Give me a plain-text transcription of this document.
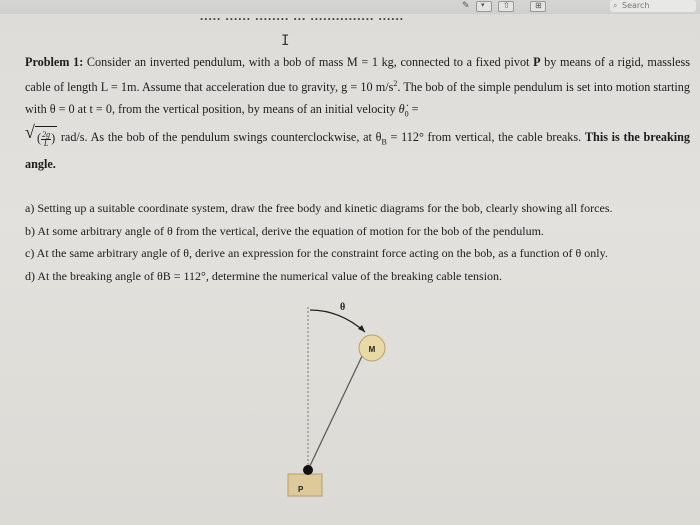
✎ ▾ ⇧	⊞	⌕ Search
..... ...... ........ ... ............... ......
I
Problem 1: Consider an inverted pendulum, with a bob of mass M = 1 kg, connected to a fixed pivot P by means of a rigid, massless cable of length L = 1m. Assume that acceleration due to gravity, g = 10 $m/s^2$. The bob of the simple pendulum is set into motion starting with θ = 0 at t = 0, from the vertical position, by means of an initial velocity $\thetȧ_0$ =

√ ( $\frac{2g}{L}$ ) rad/s. As the bob of the pendulum swings counterclockwise, at $\theta_B = 112^\circ$ from vertical, the cable breaks. This is the breaking angle.
a) Setting up a suitable coordinate system, draw the free body and kinetic diagrams for the bob, clearly showing all forces.
b) At some arbitrary angle of θ from the vertical, derive the equation of motion for the bob of the pendulum.
c) At the same arbitrary angle of θ, derive an expression for the constraint force acting on the bob, as a function of θ only.
d) At the breaking angle of θB = 112°, determine the numerical value of the breaking cable tension.
θ
M
P
